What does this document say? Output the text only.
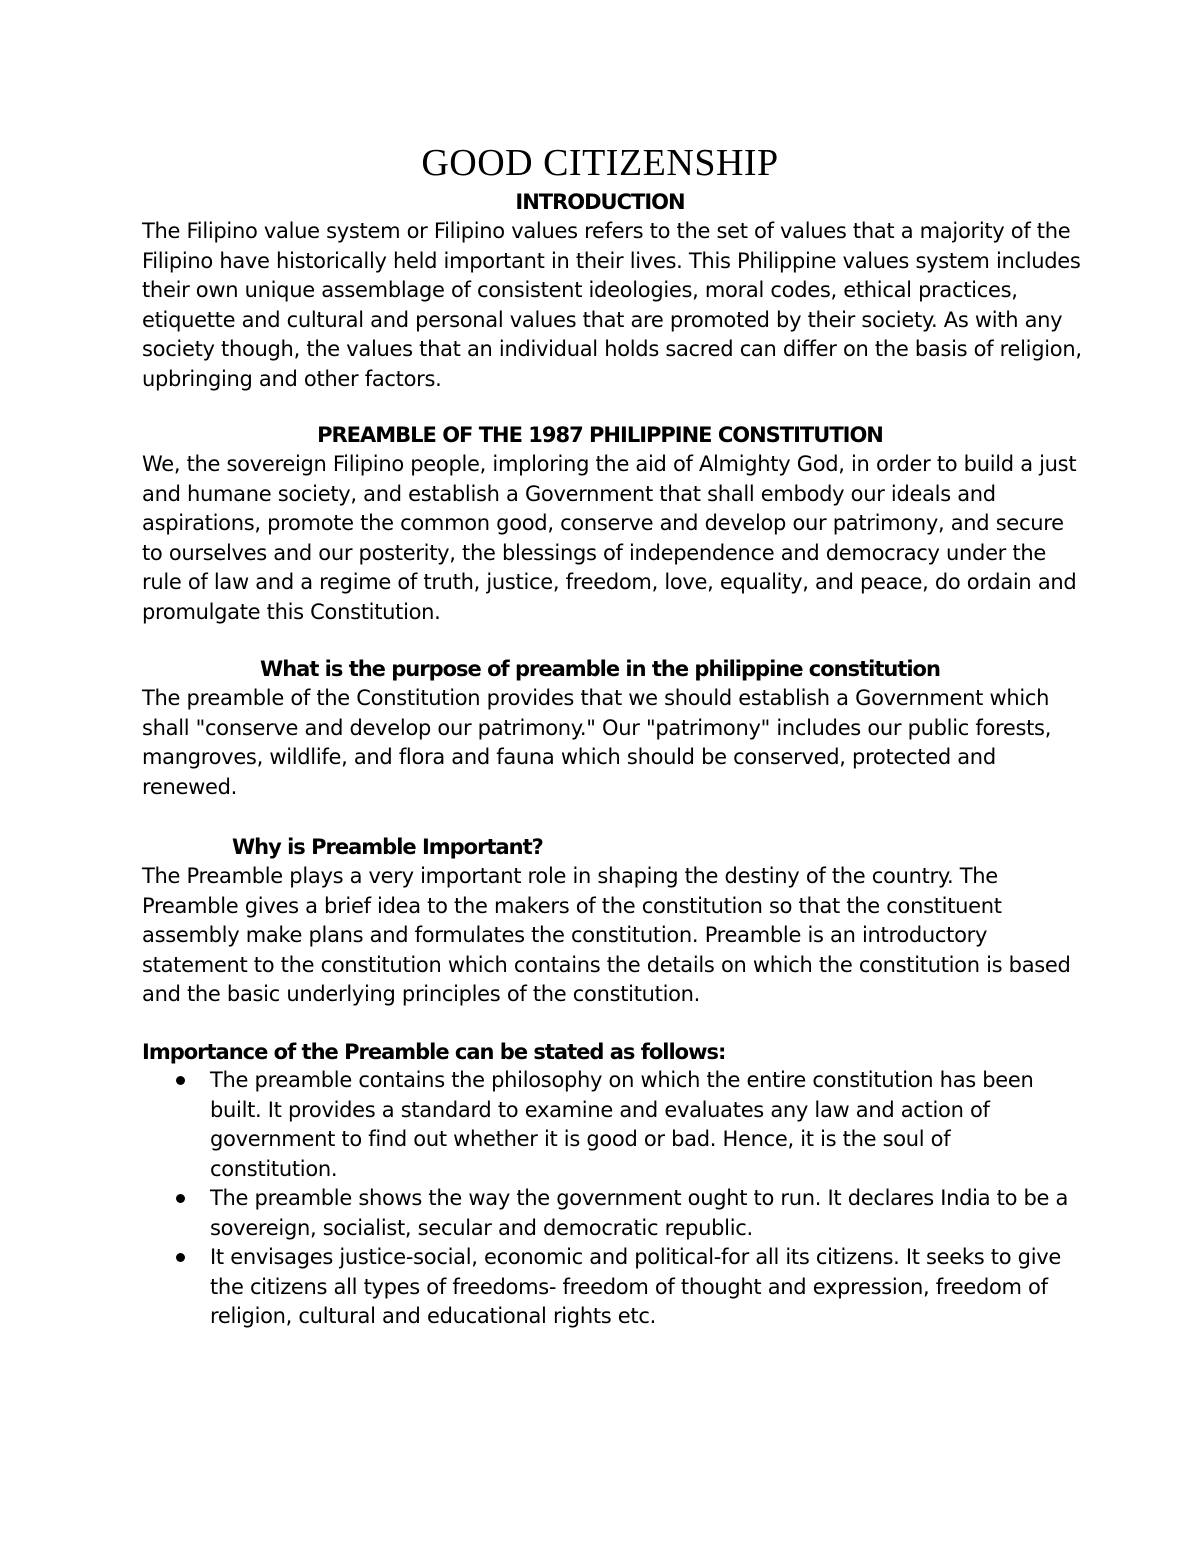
GOOD CITIZENSHIP
INTRODUCTION

The Filipino value system or Filipino values refers to the set of values that a majority of the Filipino have historically held important in their lives. This Philippine values system includes their own unique assemblage of consistent ideologies, moral codes, ethical practices, etiquette and cultural and personal values that are promoted by their society. As with any society though, the values that an individual holds sacred can differ on the basis of religion, upbringing and other factors.

PREAMBLE OF THE 1987 PHILIPPINE CONSTITUTION

We, the sovereign Filipino people, imploring the aid of Almighty God, in order to build a just and humane society, and establish a Government that shall embody our ideals and aspirations, promote the common good, conserve and develop our patrimony, and secure to ourselves and our posterity, the blessings of independence and democracy under the rule of law and a regime of truth, justice, freedom, love, equality, and peace, do ordain and promulgate this Constitution.

What is the purpose of preamble in the philippine constitution

The preamble of the Constitution provides that we should establish a Government which shall "conserve and develop our patrimony." Our "patrimony" includes our public forests, mangroves, wildlife, and flora and fauna which should be conserved, protected and renewed.

Why is Preamble Important?

The Preamble plays a very important role in shaping the destiny of the country. The Preamble gives a brief idea to the makers of the constitution so that the constituent assembly make plans and formulates the constitution. Preamble is an introductory statement to the constitution which contains the details on which the constitution is based and the basic underlying principles of the constitution.

Importance of the Preamble can be stated as follows:
The preamble contains the philosophy on which the entire constitution has been built. It provides a standard to examine and evaluates any law and action of government to find out whether it is good or bad. Hence, it is the soul of constitution.
The preamble shows the way the government ought to run. It declares India to be a sovereign, socialist, secular and democratic republic.
It envisages justice-social, economic and political-for all its citizens. It seeks to give the citizens all types of freedoms- freedom of thought and expression, freedom of religion, cultural and educational rights etc.
